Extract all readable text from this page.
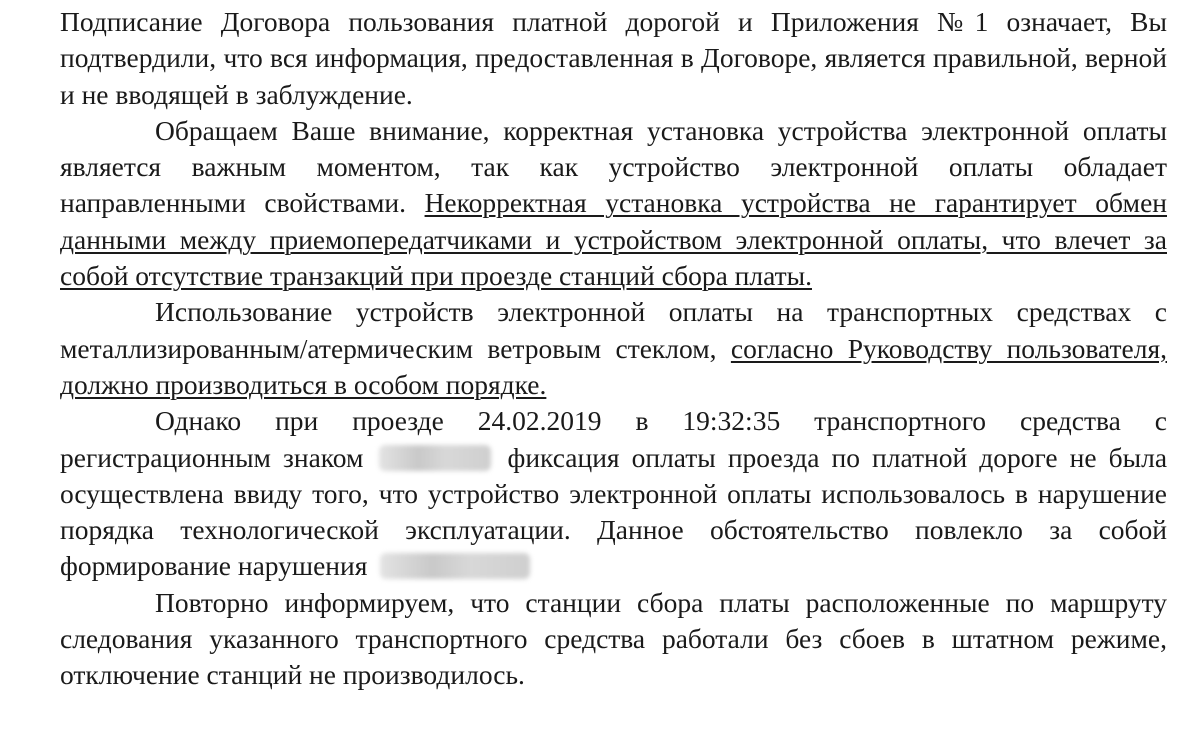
Подписание Договора пользования платной дорогой и Приложения №1 означает, Вы подтвердили, что вся информация, предоставленная в Договоре, является правильной, верной и не вводящей в заблуждение.

Обращаем Ваше внимание, корректная установка устройства электронной оплаты является важным моментом, так как устройство электронной оплаты обладает направленными свойствами. Некорректная установка устройства не гарантирует обмен данными между приемопередатчиками и устройством электронной оплаты, что влечет за собой отсутствие транзакций при проезде станций сбора платы.

Использование устройств электронной оплаты на транспортных средствах с металлизированным/атермическим ветровым стеклом, согласно Руководству пользователя, должно производиться в особом порядке.

Однако при проезде 24.02.2019 в 19:32:35 транспортного средства с регистрационным знаком	фиксация оплаты проезда по платной дороге не была осуществлена ввиду того, что устройство электронной оплаты использовалось в нарушение порядка технологической эксплуатации. Данное обстоятельство повлекло за собой формирование нарушения

Повторно информируем, что станции сбора платы расположенные по маршруту следования указанного транспортного средства работали без сбоев в штатном режиме, отключение станций не производилось.
